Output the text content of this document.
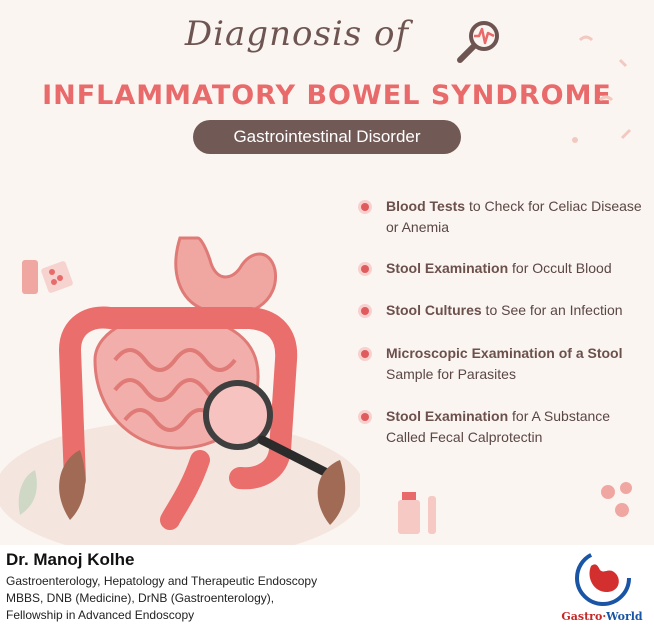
Diagnosis of
INFLAMMATORY BOWEL SYNDROME
Gastrointestinal Disorder
Blood Tests to Check for Celiac Disease or Anemia
Stool Examination for Occult Blood
Stool Cultures to See for an Infection
Microscopic Examination of a Stool Sample for Parasites
Stool Examination for A Substance Called Fecal Calprotectin
Dr. Manoj Kolhe
Gastroenterology, Hepatology and Therapeutic Endoscopy
MBBS, DNB (Medicine), DrNB (Gastroenterology),
Fellowship in Advanced Endoscopy	Gastro·World
